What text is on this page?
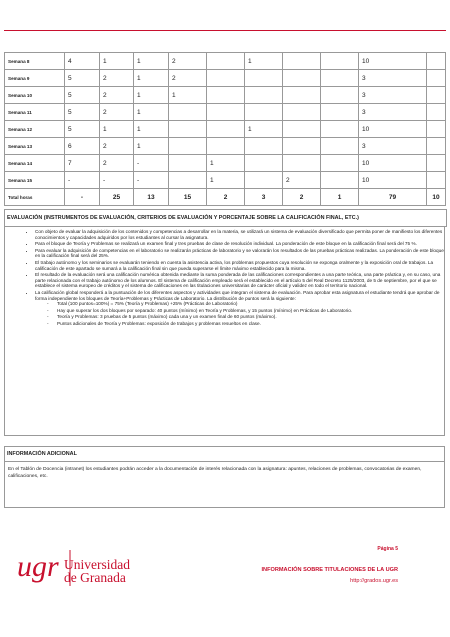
Semana 8	4	1	1	2		1			10	
Semana 9	5	2	1	2					3	
Semana 10	5	2	1	1					3	
Semana 11	5	2	1						3	
Semana 12	5	1	1			1			10	
Semana 13	6	2	1						3	
Semana 14	7	2	-		1				10	
Semana 15	-	-	-		1		2		10	
Total horas	-	25	13	15	2	3	2	1	79	10
EVALUACIÓN (INSTRUMENTOS DE EVALUACIÓN, CRITERIOS DE EVALUACIÓN Y PORCENTAJE SOBRE LA CALIFICACIÓN FINAL, ETC.)
• Con objeto de evaluar la adquisición de los contenidos y competencias a desarrollar en la materia, se utilizará un sistema de evaluación diversificado que permita poner de manifiesto los diferentes conocimientos y capacidades adquiridos por los estudiantes al cursar la asignatura.
• Para el bloque de Teoría y Problemas se realizará un examen final y tres pruebas de clase de resolución individual. La ponderación de este bloque en la calificación final será del 75 %.
• Para evaluar la adquisición de competencias en el laboratorio se realizarán prácticas de laboratorio y se valorarán los resultados de las pruebas prácticas realizadas. La ponderación de este bloque en la calificación final será del 25%.
• El trabajo autónomo y los seminarios se evaluarán teniendo en cuenta la asistencia activa, los problemas propuestos cuya resolución se exponga oralmente y la exposición oral de trabajos. La calificación de este apartado se sumará a la calificación final sin que pueda superarse el límite máximo establecido para la misma.
• El resultado de la evaluación será una calificación numérica obtenida mediante la suma ponderada de las calificaciones correspondientes a una parte teórica, una parte práctica y, en su caso, una parte relacionada con el trabajo autónomo de los alumnos. El sistema de calificación empleado será el establecido en el artículo 5 del Real Decreto 1125/2003, de 5 de septiembre, por el que se establece el sistema europeo de créditos y el sistema de calificaciones en las titulaciones universitarias de carácter oficial y validez en todo el territorio nacional.
• La calificación global responderá a la puntuación de los diferentes aspectos y actividades que integran el sistema de evaluación. Para aprobar esta asignatura el estudiante tendrá que aprobar de forma independiente los bloques de Teoría+Problemas y Prácticas de Laboratorio. La distribución de puntos será la siguiente:
- Total (100 puntos=100%) = 75% (Teoría y Problemas) +25% (Prácticas de Laboratorio)
- Hay que superar los dos bloques por separado: 40 puntos (mínimo) en Teoría y Problemas, y 15 puntos (mínimo) en Prácticas de Laboratorio.
- Teoría y Problemas: 3 pruebas de 5 puntos (máximo) cada una y un examen final de 60 puntos (máximo).
- Puntos adicionales de Teoría y Problemas: exposición de trabajos y problemas resueltos en clase.
INFORMACIÓN ADICIONAL
En el Tablón de Docencia (intranet) los estudiantes podrán acceder a la documentación de interés relacionada con la asignatura: apuntes, relaciones de problemas, convocatorias de examen, calificaciones, etc.
ugr Universidad
de Granada
Página 5
INFORMACIÓN SOBRE TITULACIONES DE LA UGR
http://grados.ugr.es
